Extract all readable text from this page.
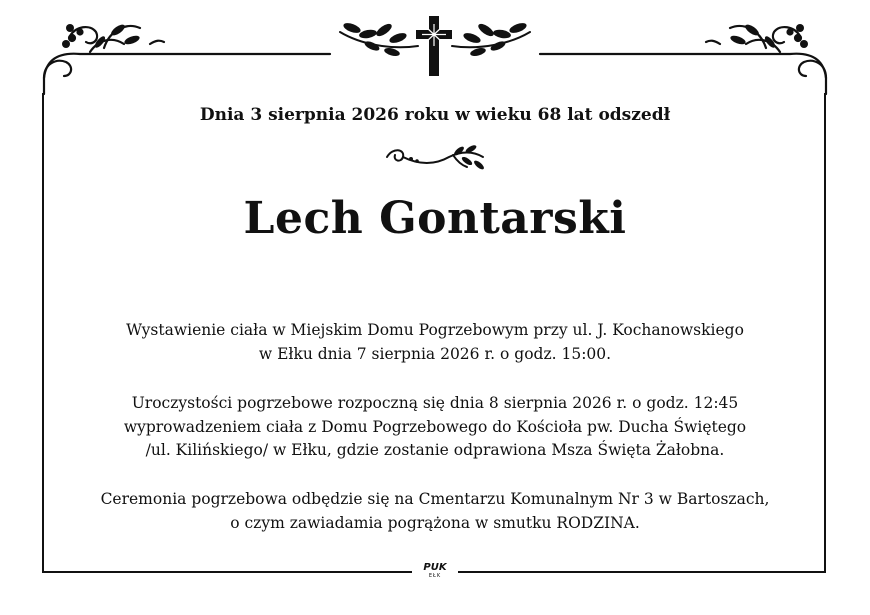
Dnia 3 sierpnia 2026 roku w wieku 68 lat odszedł
Lech Gontarski
Wystawienie ciała w Miejskim Domu Pogrzebowym przy ul. J. Kochanowskiego
w Ełku dnia 7 sierpnia 2026 r. o godz. 15:00.
Uroczystości pogrzebowe rozpoczną się dnia 8 sierpnia 2026 r. o godz. 12:45
wyprowadzeniem ciała z Domu Pogrzebowego do Kościoła pw. Ducha Świętego
/ul. Kilińskiego/ w Ełku, gdzie zostanie odprawiona Msza Święta Żałobna.
Ceremonia pogrzebowa odbędzie się na Cmentarzu Komunalnym Nr 3 w Bartoszach,
o czym zawiadamia pogrążona w smutku RODZINA.
PUK
EŁK
